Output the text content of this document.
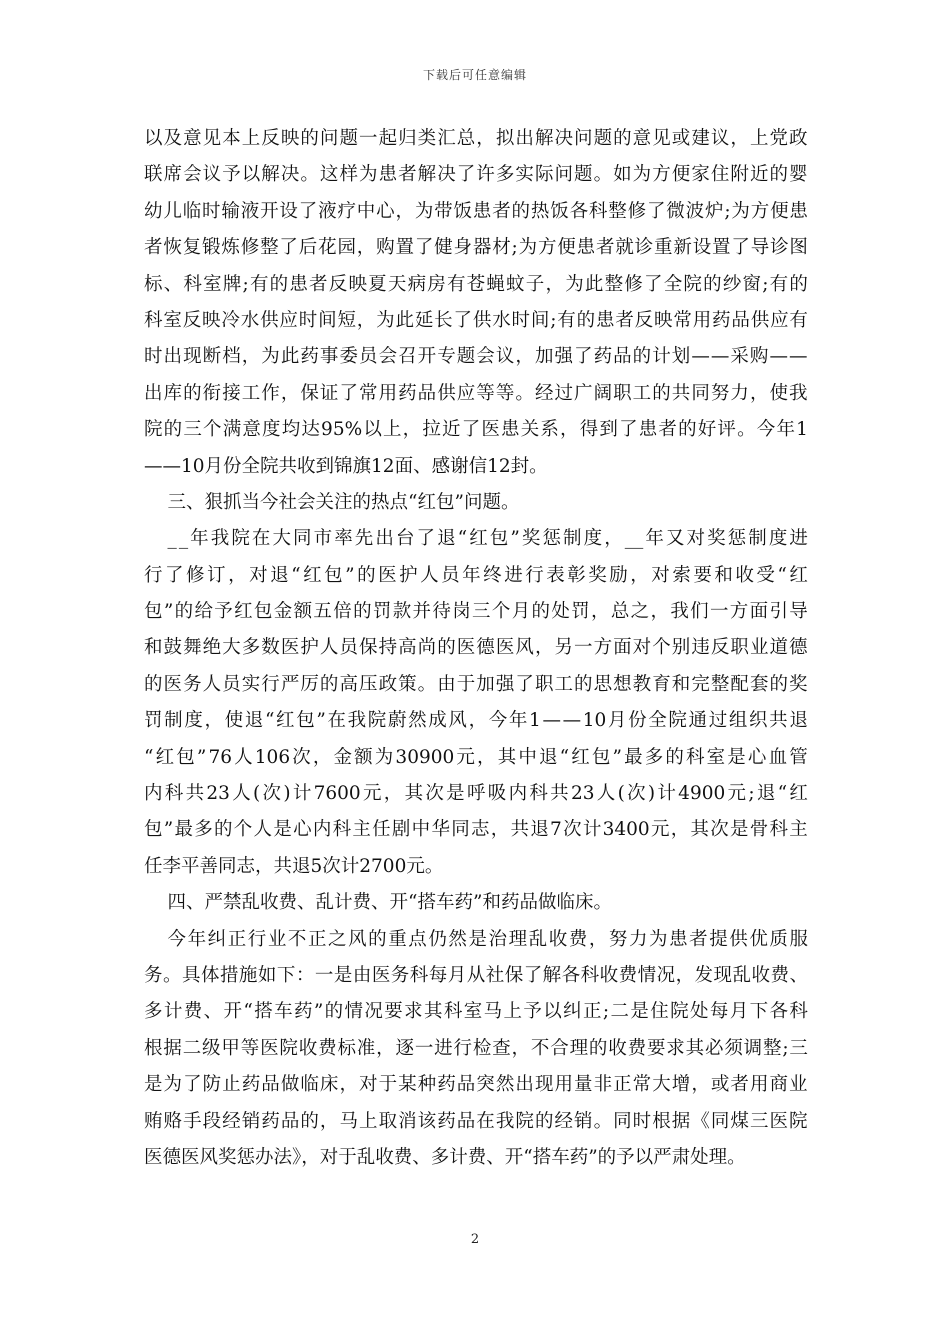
下载后可任意编辑
以 及 意 见 本 上 反 映 的 问 题 一 起 归 类 汇 总 ， 拟 出 解 决 问 题 的 意 见 或 建 议 ， 上 党 政
联 席 会 议 予 以 解 决 。 这 样 为 患 者 解 决 了 许 多 实 际 问 题 。 如 为 方 便 家 住 附 近 的 婴
幼 儿 临 时 输 液 开 设 了 液 疗 中 心 ， 为 带 饭 患 者 的 热 饭 各 科 整 修 了 微 波 炉 ; 为 方 便 患
者 恢 复 锻 炼 修 整 了 后 花 园 ， 购 置 了 健 身 器 材 ; 为 方 便 患 者 就 诊 重 新 设 置 了 导 诊 图
标 、 科 室 牌 ; 有 的 患 者 反 映 夏 天 病 房 有 苍 蝇 蚊 子 ， 为 此 整 修 了 全 院 的 纱 窗 ; 有 的
科 室 反 映 冷 水 供 应 时 间 短 ， 为 此 延 长 了 供 水 时 间 ; 有 的 患 者 反 映 常 用 药 品 供 应 有
时 出 现 断 档 ， 为 此 药 事 委 员 会 召 开 专 题 会 议 ， 加 强 了 药 品 的 计 划 — — 采 购 — —
出 库 的 衔 接 工 作 ， 保 证 了 常 用 药 品 供 应 等 等 。 经 过 广 阔 职 工 的 共 同 努 力 ， 使 我
院 的 三 个 满 意 度 均 达 95% 以 上 ， 拉 近 了 医 患 关 系 ， 得 到 了 患 者 的 好 评 。 今 年 1
——10月份全院共收到锦旗12面、感谢信12封。
三、狠抓当今社会关注的热点“红包”问题。
_ _ 年 我 院 在 大 同 市 率 先 出 台 了 退 “ 红 包 ” 奖 惩 制 度 ， __ 年 又 对 奖 惩 制 度 进
行 了 修 订 ， 对 退 “ 红 包 ” 的 医 护 人 员 年 终 进 行 表 彰 奖 励 ， 对 索 要 和 收 受 “ 红
包 ” 的 给 予 红 包 金 额 五 倍 的 罚 款 并 待 岗 三 个 月 的 处 罚 ， 总 之 ， 我 们 一 方 面 引 导
和 鼓 舞 绝 大 多 数 医 护 人 员 保 持 高 尚 的 医 德 医 风 ， 另 一 方 面 对 个 别 违 反 职 业 道 德
的 医 务 人 员 实 行 严 厉 的 高 压 政 策 。 由 于 加 强 了 职 工 的 思 想 教 育 和 完 整 配 套 的 奖
罚 制 度 ， 使 退 “ 红 包 ” 在 我 院 蔚 然 成 风 ， 今 年 1 — — 10 月 份 全 院 通 过 组 织 共 退
“ 红 包 ” 76 人 106 次 ， 金 额 为 30900 元 ， 其 中 退 “ 红 包 ” 最 多 的 科 室 是 心 血 管
内 科 共 23 人 ( 次 ) 计 7600 元 ， 其 次 是 呼 吸 内 科 共 23 人 ( 次 ) 计 4900 元 ; 退 “ 红
包 ” 最 多 的 个 人 是 心 内 科 主 任 剧 中 华 同 志 ， 共 退 7 次 计 3400 元 ， 其 次 是 骨 科 主
任李平善同志，共退5次计2700元。
四、严禁乱收费、乱计费、开“搭车药”和药品做临床。
今 年 纠 正 行 业 不 正 之 风 的 重 点 仍 然 是 治 理 乱 收 费 ， 努 力 为 患 者 提 供 优 质 服
务 。 具 体 措 施 如 下 ： 一 是 由 医 务 科 每 月 从 社 保 了 解 各 科 收 费 情 况 ， 发 现 乱 收 费 、
多 计 费 、 开 “ 搭 车 药 ” 的 情 况 要 求 其 科 室 马 上 予 以 纠 正 ; 二 是 住 院 处 每 月 下 各 科
根 据 二 级 甲 等 医 院 收 费 标 准 ， 逐 一 进 行 检 查 ， 不 合 理 的 收 费 要 求 其 必 须 调 整 ; 三
是 为 了 防 止 药 品 做 临 床 ， 对 于 某 种 药 品 突 然 出 现 用 量 非 正 常 大 增 ， 或 者 用 商 业
贿 赂 手 段 经 销 药 品 的 ， 马 上 取 消 该 药 品 在 我 院 的 经 销 。 同 时 根 据 《 同 煤 三 医 院
医德医风奖惩办法》，对于乱收费、多计费、开“搭车药”的予以严肃处理。
2
